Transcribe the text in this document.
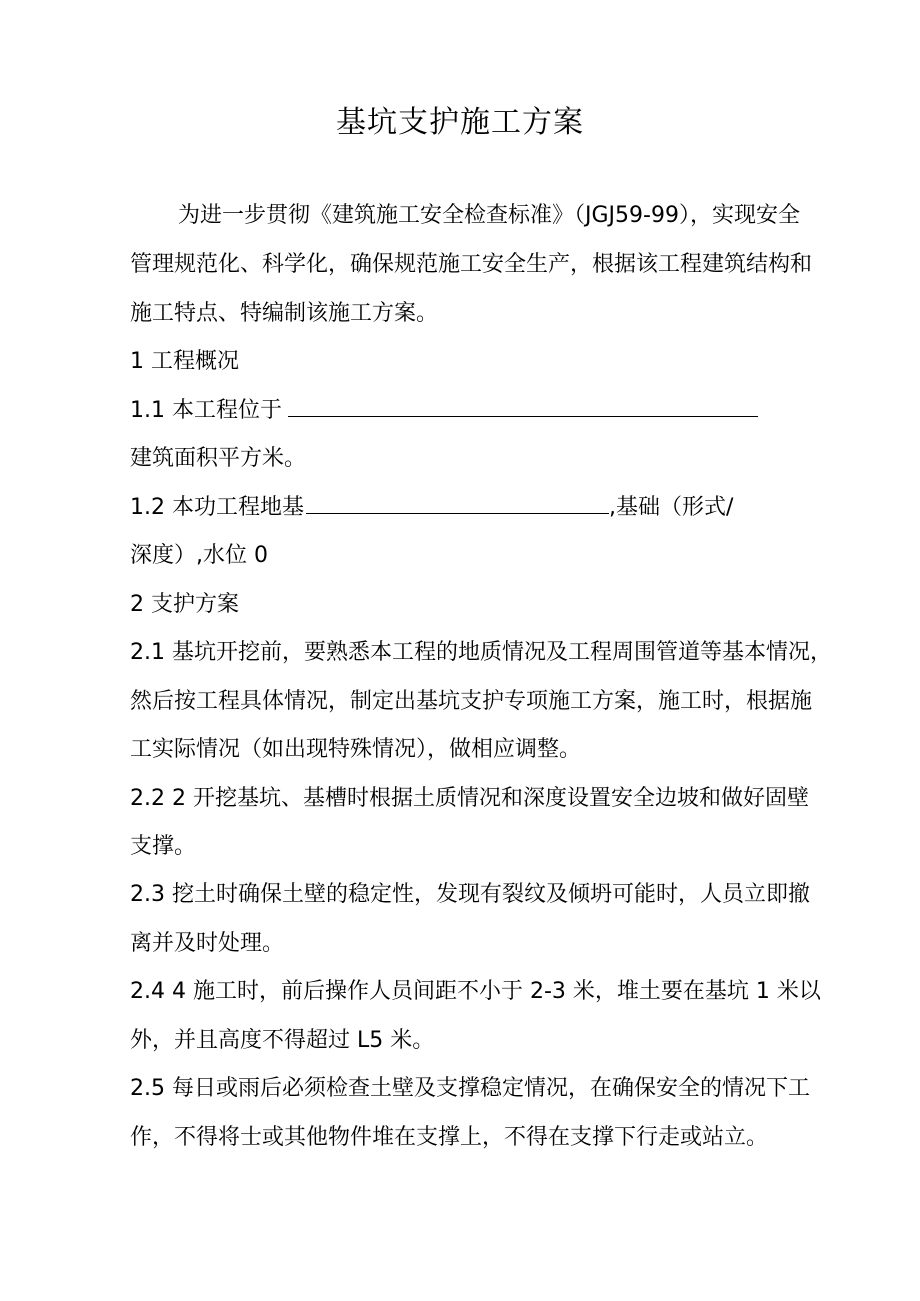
基坑支护施工方案

为进一步贯彻《建筑施工安全检查标准》（JGJ59-99），实现安全

管理规范化、科学化，确保规范施工安全生产，根据该工程建筑结构和

施工特点、特编制该施工方案。

1 工程概况

1.1 本工程位于

建筑面积平方米。

1.2 本功工程地基	,基础（形式/

深度）,水位 0

2 支护方案

2.1 基坑开挖前，要熟悉本工程的地质情况及工程周围管道等基本情况，

然后按工程具体情况，制定出基坑支护专项施工方案，施工时，根据施

工实际情况（如出现特殊情况），做相应调整。

2.2 2 开挖基坑、基槽时根据土质情况和深度设置安全边坡和做好固壁

支撑。

2.3 挖土时确保土壁的稳定性，发现有裂纹及倾坍可能时，人员立即撤

离并及时处理。

2.4 4 施工时，前后操作人员间距不小于 2-3 米，堆土要在基坑 1 米以

外，并且高度不得超过 L5 米。

2.5 每日或雨后必须检查土壁及支撑稳定情况，在确保安全的情况下工

作，不得将士或其他物件堆在支撑上，不得在支撑下行走或站立。
